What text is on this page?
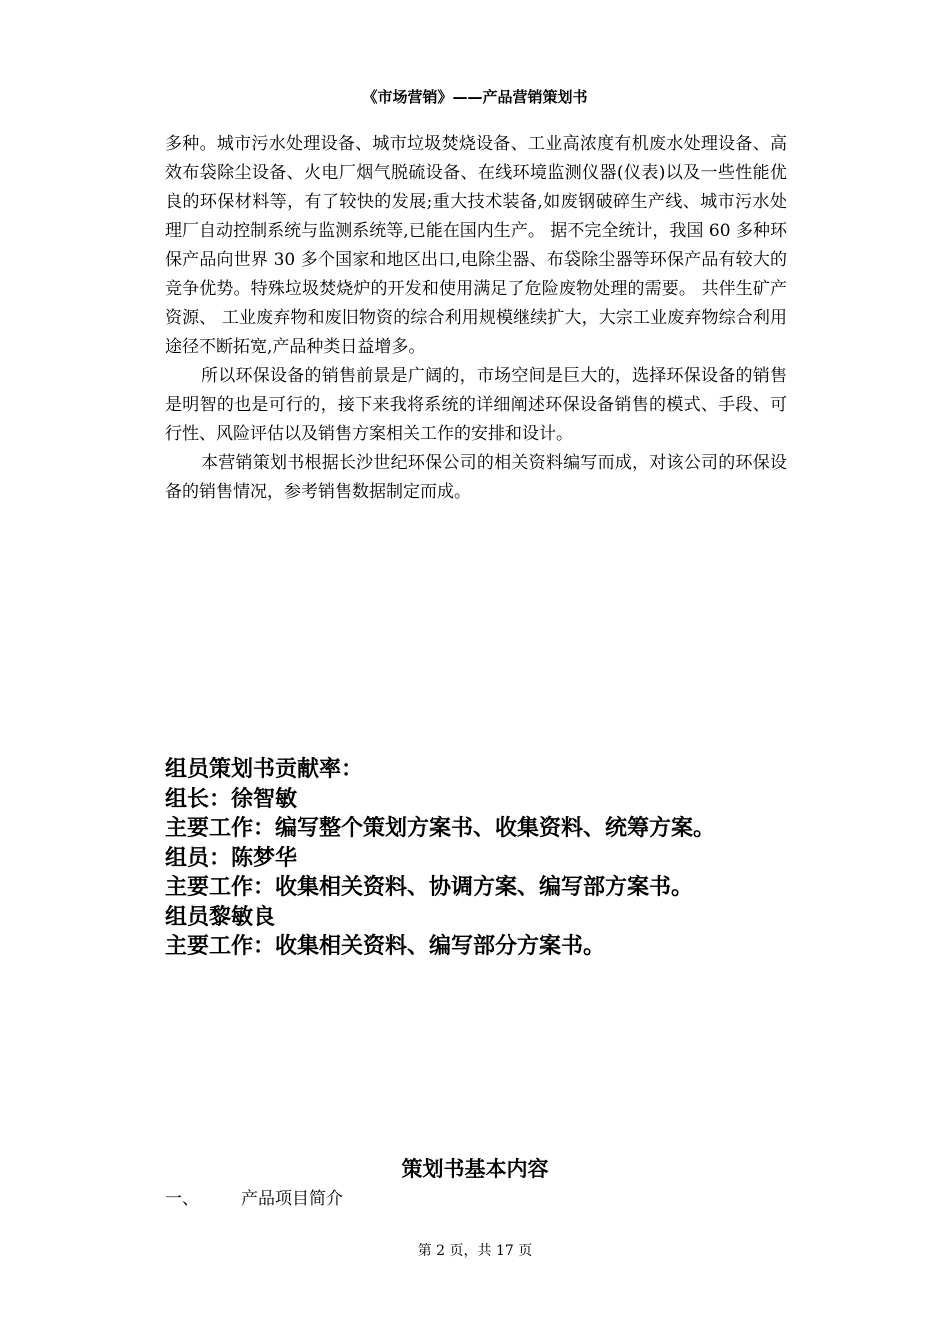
《市场营销》——产品营销策划书

多种。城市污水处理设备、城市垃圾焚烧设备、工业高浓度有机废水处理设备、高效布袋除尘设备、火电厂烟气脱硫设备、在线环境监测仪器(仪表)以及一些性能优良的环保材料等，有了较快的发展;重大技术装备,如废钢破碎生产线、城市污水处理厂自动控制系统与监测系统等,已能在国内生产。 据不完全统计，我国 60 多种环保产品向世界 30 多个国家和地区出口,电除尘器、布袋除尘器等环保产品有较大的竞争优势。特殊垃圾焚烧炉的开发和使用满足了危险废物处理的需要。 共伴生矿产资源、 工业废弃物和废旧物资的综合利用规模继续扩大，大宗工业废弃物综合利用途径不断拓宽,产品种类日益增多。

所以环保设备的销售前景是广阔的，市场空间是巨大的，选择环保设备的销售是明智的也是可行的，接下来我将系统的详细阐述环保设备销售的模式、手段、可行性、风险评估以及销售方案相关工作的安排和设计。

本营销策划书根据长沙世纪环保公司的相关资料编写而成，对该公司的环保设备的销售情况，参考销售数据制定而成。

组员策划书贡献率：
组长：徐智敏
主要工作：编写整个策划方案书、收集资料、统筹方案。
组员：陈梦华
主要工作：收集相关资料、协调方案、编写部方案书。
组员黎敏良
主要工作：收集相关资料、编写部分方案书。
策划书基本内容
一、 产品项目简介
第 2 页，共 17 页
